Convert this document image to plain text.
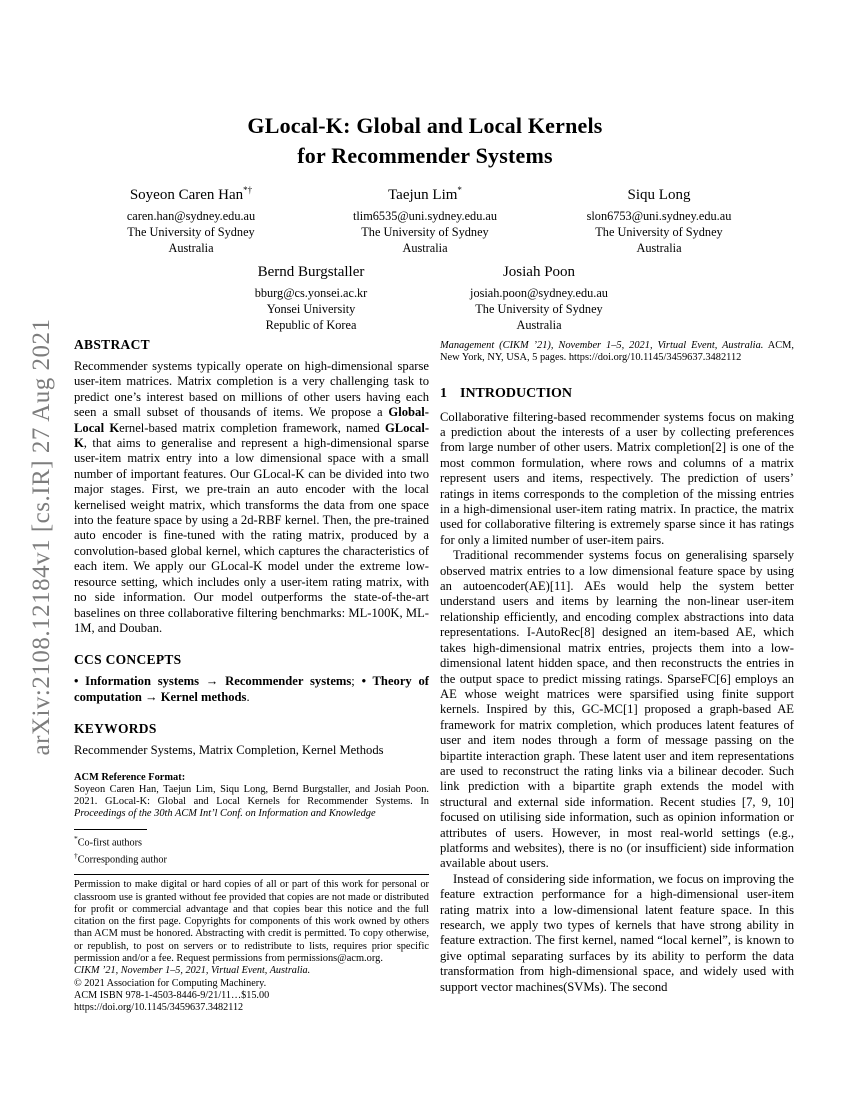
arXiv:2108.12184v1 [cs.IR] 27 Aug 2021
GLocal-K: Global and Local Kernels
for Recommender Systems
Soyeon Caren Han*†
caren.han@sydney.edu.au
The University of Sydney
Australia
Taejun Lim*
tlim6535@uni.sydney.edu.au
The University of Sydney
Australia
Siqu Long
slon6753@uni.sydney.edu.au
The University of Sydney
Australia
Bernd Burgstaller
bburg@cs.yonsei.ac.kr
Yonsei University
Republic of Korea
Josiah Poon
josiah.poon@sydney.edu.au
The University of Sydney
Australia
ABSTRACT

Recommender systems typically operate on high-dimensional sparse user-item matrices. Matrix completion is a very challenging task to predict one’s interest based on millions of other users having each seen a small subset of thousands of items. We propose a Global-Local Kernel-based matrix completion framework, named GLocal-K, that aims to generalise and represent a high-dimensional sparse user-item matrix entry into a low dimensional space with a small number of important features. Our GLocal-K can be divided into two major stages. First, we pre-train an auto encoder with the local kernelised weight matrix, which transforms the data from one space into the feature space by using a 2d-RBF kernel. Then, the pre-trained auto encoder is fine-tuned with the rating matrix, produced by a convolution-based global kernel, which captures the characteristics of each item. We apply our GLocal-K model under the extreme low-resource setting, which includes only a user-item rating matrix, with no side information. Our model outperforms the state-of-the-art baselines on three collaborative filtering benchmarks: ML-100K, ML-1M, and Douban.

CCS CONCEPTS

• Information systems → Recommender systems; • Theory of computation → Kernel methods.

KEYWORDS

Recommender Systems, Matrix Completion, Kernel Methods

ACM Reference Format:

Soyeon Caren Han, Taejun Lim, Siqu Long, Bernd Burgstaller, and Josiah Poon. 2021. GLocal-K: Global and Local Kernels for Recommender Systems. In Proceedings of the 30th ACM Int’l Conf. on Information and Knowledge

*Co-first authors
†Corresponding author

Permission to make digital or hard copies of all or part of this work for personal or classroom use is granted without fee provided that copies are not made or distributed for profit or commercial advantage and that copies bear this notice and the full citation on the first page. Copyrights for components of this work owned by others than ACM must be honored. Abstracting with credit is permitted. To copy otherwise, or republish, to post on servers or to redistribute to lists, requires prior specific permission and/or a fee. Request permissions from permissions@acm.org.

CIKM ’21, November 1–5, 2021, Virtual Event, Australia.
© 2021 Association for Computing Machinery.
ACM ISBN 978-1-4503-8446-9/21/11…$15.00
https://doi.org/10.1145/3459637.3482112

Management (CIKM ’21), November 1–5, 2021, Virtual Event, Australia. ACM, New York, NY, USA, 5 pages. https://doi.org/10.1145/3459637.3482112

1 INTRODUCTION

Collaborative filtering-based recommender systems focus on making a prediction about the interests of a user by collecting preferences from large number of other users. Matrix completion[2] is one of the most common formulation, where rows and columns of a matrix represent users and items, respectively. The prediction of users’ ratings in items corresponds to the completion of the missing entries in a high-dimensional user-item rating matrix. In practice, the matrix used for collaborative filtering is extremely sparse since it has ratings for only a limited number of user-item pairs.

Traditional recommender systems focus on generalising sparsely observed matrix entries to a low dimensional feature space by using an autoencoder(AE)[11]. AEs would help the system better understand users and items by learning the non-linear user-item relationship efficiently, and encoding complex abstractions into data representations. I-AutoRec[8] designed an item-based AE, which takes high-dimensional matrix entries, projects them into a low-dimensional latent hidden space, and then reconstructs the entries in the output space to predict missing ratings. SparseFC[6] employs an AE whose weight matrices were sparsified using finite support kernels. Inspired by this, GC-MC[1] proposed a graph-based AE framework for matrix completion, which produces latent features of user and item nodes through a form of message passing on the bipartite interaction graph. These latent user and item representations are used to reconstruct the rating links via a bilinear decoder. Such link prediction with a bipartite graph extends the model with structural and external side information. Recent studies [7, 9, 10] focused on utilising side information, such as opinion information or attributes of users. However, in most real-world settings (e.g., platforms and websites), there is no (or insufficient) side information available about users.

Instead of considering side information, we focus on improving the feature extraction performance for a high-dimensional user-item rating matrix into a low-dimensional latent feature space. In this research, we apply two types of kernels that have strong ability in feature extraction. The first kernel, named “local kernel”, is known to give optimal separating surfaces by its ability to perform the data transformation from high-dimensional space, and widely used with support vector machines(SVMs). The second
